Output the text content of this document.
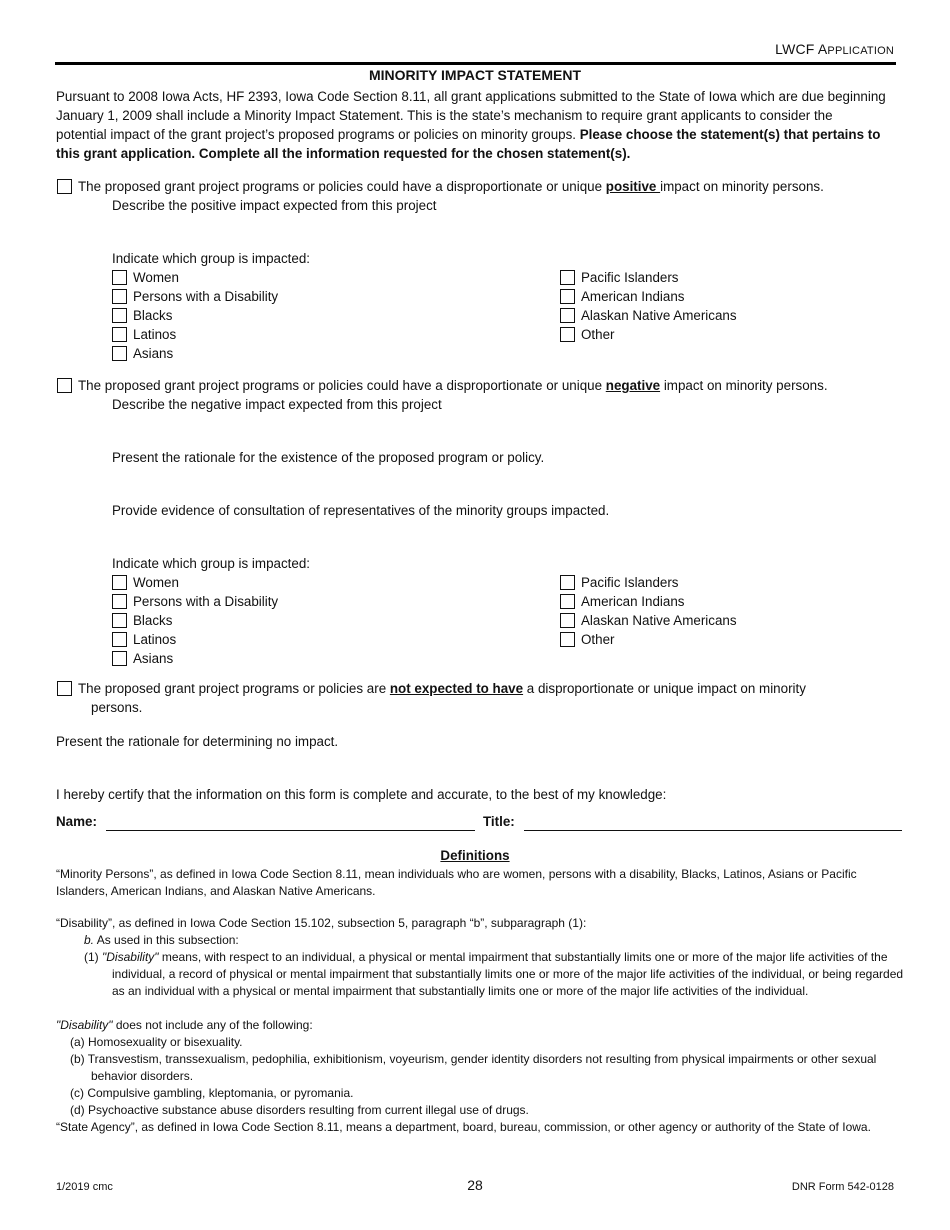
LWCF APPLICATION
MINORITY IMPACT STATEMENT
Pursuant to 2008 Iowa Acts, HF 2393, Iowa Code Section 8.11, all grant applications submitted to the State of Iowa which are due beginning January 1, 2009 shall include a Minority Impact Statement. This is the state’s mechanism to require grant applicants to consider the potential impact of the grant project’s proposed programs or policies on minority groups. Please choose the statement(s) that pertains to this grant application. Complete all the information requested for the chosen statement(s).
The proposed grant project programs or policies could have a disproportionate or unique positive impact on minority persons.
Describe the positive impact expected from this project
Indicate which group is impacted:
Women
Persons with a Disability
Blacks
Latinos
Asians
Pacific Islanders
American Indians
Alaskan Native Americans
Other
The proposed grant project programs or policies could have a disproportionate or unique negative impact on minority persons.
Describe the negative impact expected from this project
Present the rationale for the existence of the proposed program or policy.
Provide evidence of consultation of representatives of the minority groups impacted.
Indicate which group is impacted:
Women
Persons with a Disability
Blacks
Latinos
Asians
Pacific Islanders
American Indians
Alaskan Native Americans
Other
The proposed grant project programs or policies are not expected to have a disproportionate or unique impact on minority
persons.
Present the rationale for determining no impact.
I hereby certify that the information on this form is complete and accurate, to the best of my knowledge:
Name:	Title:
Definitions
“Minority Persons”, as defined in Iowa Code Section 8.11, mean individuals who are women, persons with a disability, Blacks, Latinos, Asians or Pacific Islanders, American Indians, and Alaskan Native Americans.
“Disability”, as defined in Iowa Code Section 15.102, subsection 5, paragraph “b”, subparagraph (1):
b. As used in this subsection:
(1) "Disability" means, with respect to an individual, a physical or mental impairment that substantially limits one or more of the major life activities of the individual, a record of physical or mental impairment that substantially limits one or more of the major life activities of the individual, or being regarded as an individual with a physical or mental impairment that substantially limits one or more of the major life activities of the individual.
"Disability" does not include any of the following:
(a) Homosexuality or bisexuality.
(b) Transvestism, transsexualism, pedophilia, exhibitionism, voyeurism, gender identity disorders not resulting from physical impairments or other sexual behavior disorders.
(c) Compulsive gambling, kleptomania, or pyromania.
(d) Psychoactive substance abuse disorders resulting from current illegal use of drugs.
“State Agency”, as defined in Iowa Code Section 8.11, means a department, board, bureau, commission, or other agency or authority of the State of Iowa.
1/2019 cmc	28	DNR Form 542-0128
